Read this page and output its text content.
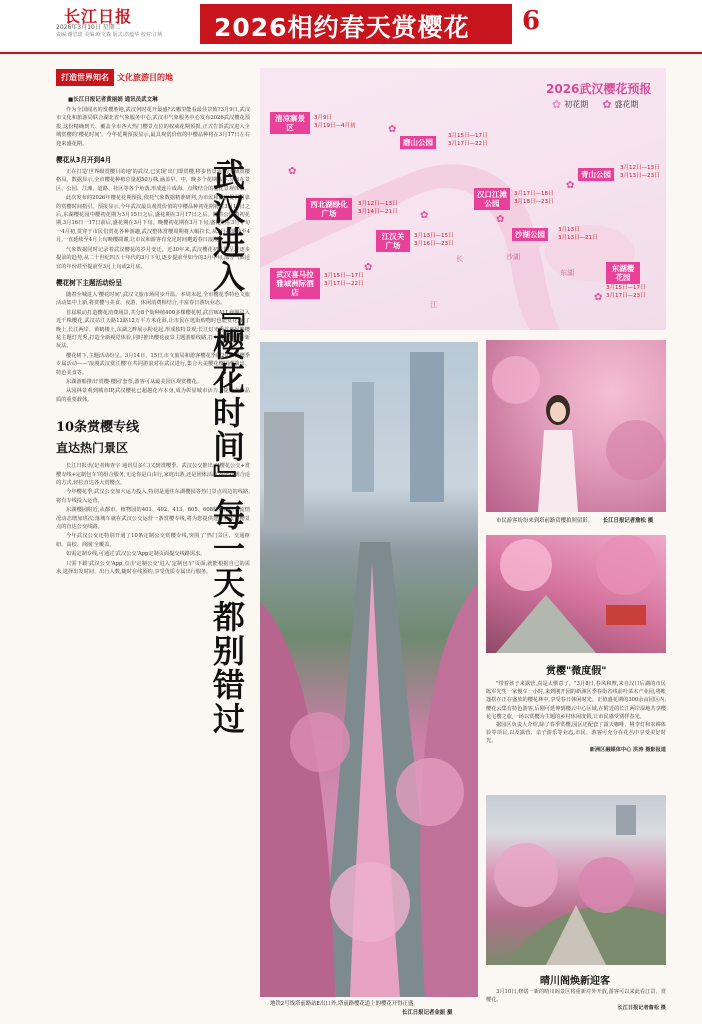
长江日报
2026年3月10日 星期二
责编:谢思琦 美编:欧文森 版式:洪蕴华 校对:江峡 2026相约春天赏樱花 6
打造世界知名	文化旅游目的地
■长江日报记者黄丽娟 通讯员武文琳

作为全国闻名的赏樱胜地,武汉何时花开最盛?去哪里能看最佳景致?3月9日,武汉市文化和旅游局联合湖北省气象服务中心,武汉市气象服务中心发布2026武汉樱花预报,这份精确到天、覆盖全市各大热门樱景点位的权威花期预报,正式告诉武汉进入全城赏樱的'樱花时间'。今年花期预报显示,最具观赏价值的中樱品种将在3月17日左右迎来盛花期。

樱花从3月开到4月

正在打造'世界级赏樱目的地'的武汉,已实现'出门即赏樱,移步皆景色'的全域赏樱格局。数据显示,全市樱花种植总量超50万株,涵盖早、中、晚多个花期品种,分布在景区、公园、江滩、道路、社区等各个角落,形成连片成海、点线结合的樱花景观体系。

此次发布的2026年樱花花期预报,依托气象数据精准研判,为市民和游客提供可靠的赏樱时间指引。预报显示,今年武汉最具观赏价值的中樱品种初花期将在3月11日之后,东湖樱花园中樱初花期为3月15日之后,盛花期在3月17日之后。随着公园的初花期,3月16日一17日前后,盛花期在3月下旬。晚樱初花期在3月下旬,盛花期在3月下旬一4月初,贯穿于市民们赏花各种游趣,武汉整体赏樱周期将大幅拉长,从3月初延续至4月,一直延续至4月上旬晚樱凋谢,让市民和游客有充足时间邂逅春日浪漫。

气象数据同时记录着武汉樱花的岁月变迁。近30年来,武汉樱花初花期呈现逐步提前的趋势,从二十世纪四五十年代的3月下旬,逐步提前至如今的3月中旬,部分气候适宜的年份甚至提前至3月上旬或2月底。

樱花树下主题活动纷呈

随着全城进入'樱花时间',武汉文旅市场同步升温。本周末起,全市樱花季特色文旅活动集中上新,将赏樱与美食、夜游、休闲消费相结合,丰富春日游玩业态。

首届联动打造樱花消费场景,共分8个街种植400多棵樱花树,武昌WALL商圈引入近千株樱花,武汉站江天路12路12万平方米花海,让市民在逛街购物时也能赏花;到了晚上,长江两岸、黄鹤楼上,东湖之畔展示粉花起,形成独特景观;长江灯光秀首度展映樱花主题灯光秀,打造全新视觉体验,同时推出樱花夜景主题游船线路,打卡樱花季夜游新玩法。

樱花树下,主题活动纷呈。3月14日、15日,市文旅局和游客樱花季的2026赏樱季专属活动——'浪漫武汉赏江樱'在共同游浪对在武汉进行,集合大美樱花樱国潮演出、特色美食等。

东湖游船推出'赏樱·樱园'套票,游客可从最美园区观赏樱花。

从园林景观到城市IP,武汉樱花已超越花卉本身,成为彰显城市活力、提升文旅品质的重要载体。

10条赏樱专线
直达热门景区

长江日报讯(记者梅查宇 通讯员多仁)又到赏樱季。武汉公交推出了'樱花公交+赏樱专线+定制包车'的组合服务,无论你是白由行,家庭出游,还是团体活动,都能找到合适的方式,轻松直达各大赏樱点。

今年樱花季,武汉公交加大运力投入,特别是通往东湖樱园等热门景点周边的线路,将有专线投入运营。

东湖樱园附近,从都市、植物园的401、402、413、605、608路将根据客流情况动态增加班次;落城车就在武汉公交运营一条赏樱专线,将为您提供途经各大赏樱景点的直达公交线路。

今年武汉公交还特别开通了10条定制公交赏樱专线,突围了'热门景区、交通枢纽、高校、商圈'全覆盖。

如需定制专线,可通过'武汉公交'App定制页面提交线路需求。

只需下载'武汉公交'App,点击'定制公交'进入'定制包车'页面,就能根据自己的需求,选择出发时间、出行人数,随时在线预约,享受优质专属出行服务。

武汉进入『樱花时间』每一天都别错过
2026武汉樱花预报
✿ 初花期 ✿ 盛花期
清凉寨景区
3月9日
3月19日—4月初
磨山公园
3月15日—17日
3月17日—22日
青山公园
3月12日—13日
3月13日—23日
西北湖绿化广场
3月12日—13日
3月14日—21日
汉口江滩公园
3月17日—18日
3月18日—23日
沙湖公园	3月13日
3月13日—21日
江汉关广场
3月13日—15日
3月16日—23日
武汉喜马拉雅城洲际酒店
3月15日—17日
3月17日—22日
东湖樱花园
3月15日—17日
3月17日—23日
✿
✿
✿	✿
✿
✿
✿
长
江
东湖
沙湖
地铁2号线塔前路站E出口外,塔前路樱花道上的樱花开得正盛。
长江日报记者金振 摄
市民游客纷纷来到塔前路赏樱拍照留影。 长江日报记者詹松 摄
赏樱"微度假"

"带着孩子来露营,真是太惬意了。"3月8日,春风和煦,来自汉口后湖的市民陈军先生一家慢车一小时,来到刚开园的新洲区季春街省线前叶菜木产业园,将帐篷搭在正在盛放的樱花林中,享受春日休闲时光。正值盛花期的300余亩园区内,樱花云集有特色游客,后刚可延伸到樱云中心区域,在附近的长江两岸湿地共享樱花宅樱之旅,一场以赏樱为主题的乡村休闲度假,让市民感受别样春光。

据园区负责人介绍,除了春季赏樱,园区还配套了露天咖啡、桃李灯和农耕体验等项目,以及露营、亲子游乐等业态,市民、游客可充分在花丛中享受美好时光。

新洲区融媒体中心 洪涛 摄影报道

晴川阁焕新迎客

3月10日,修缮一新的晴川阁景区将重新对外开放,游客可以来此看江景、赏樱花。

长江日报记者詹松 摄
